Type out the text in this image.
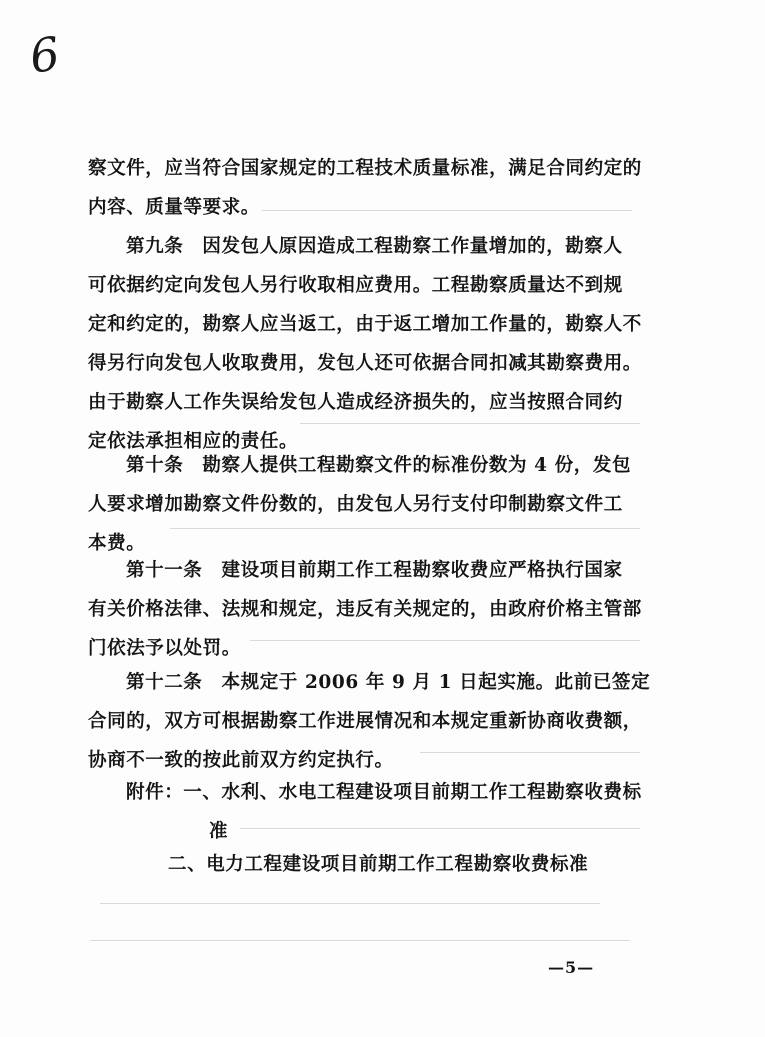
6

察文件，应当符合国家规定的工程技术质量标准，满足合同约定的
内容、质量等要求。

第九条　因发包人原因造成工程勘察工作量增加的，勘察人
可依据约定向发包人另行收取相应费用。工程勘察质量达不到规
定和约定的，勘察人应当返工，由于返工增加工作量的，勘察人不
得另行向发包人收取费用，发包人还可依据合同扣减其勘察费用。
由于勘察人工作失误给发包人造成经济损失的，应当按照合同约
定依法承担相应的责任。

第十条　勘察人提供工程勘察文件的标准份数为 4 份，发包
人要求增加勘察文件份数的，由发包人另行支付印制勘察文件工
本费。

第十一条　建设项目前期工作工程勘察收费应严格执行国家
有关价格法律、法规和规定，违反有关规定的，由政府价格主管部
门依法予以处罚。

第十二条　本规定于 2006 年 9 月 1 日起实施。此前已签定
合同的，双方可根据勘察工作进展情况和本规定重新协商收费额，
协商不一致的按此前双方约定执行。

附件：一、水利、水电工程建设项目前期工作工程勘察收费标
准

二、电力工程建设项目前期工作工程勘察收费标准

—5—
